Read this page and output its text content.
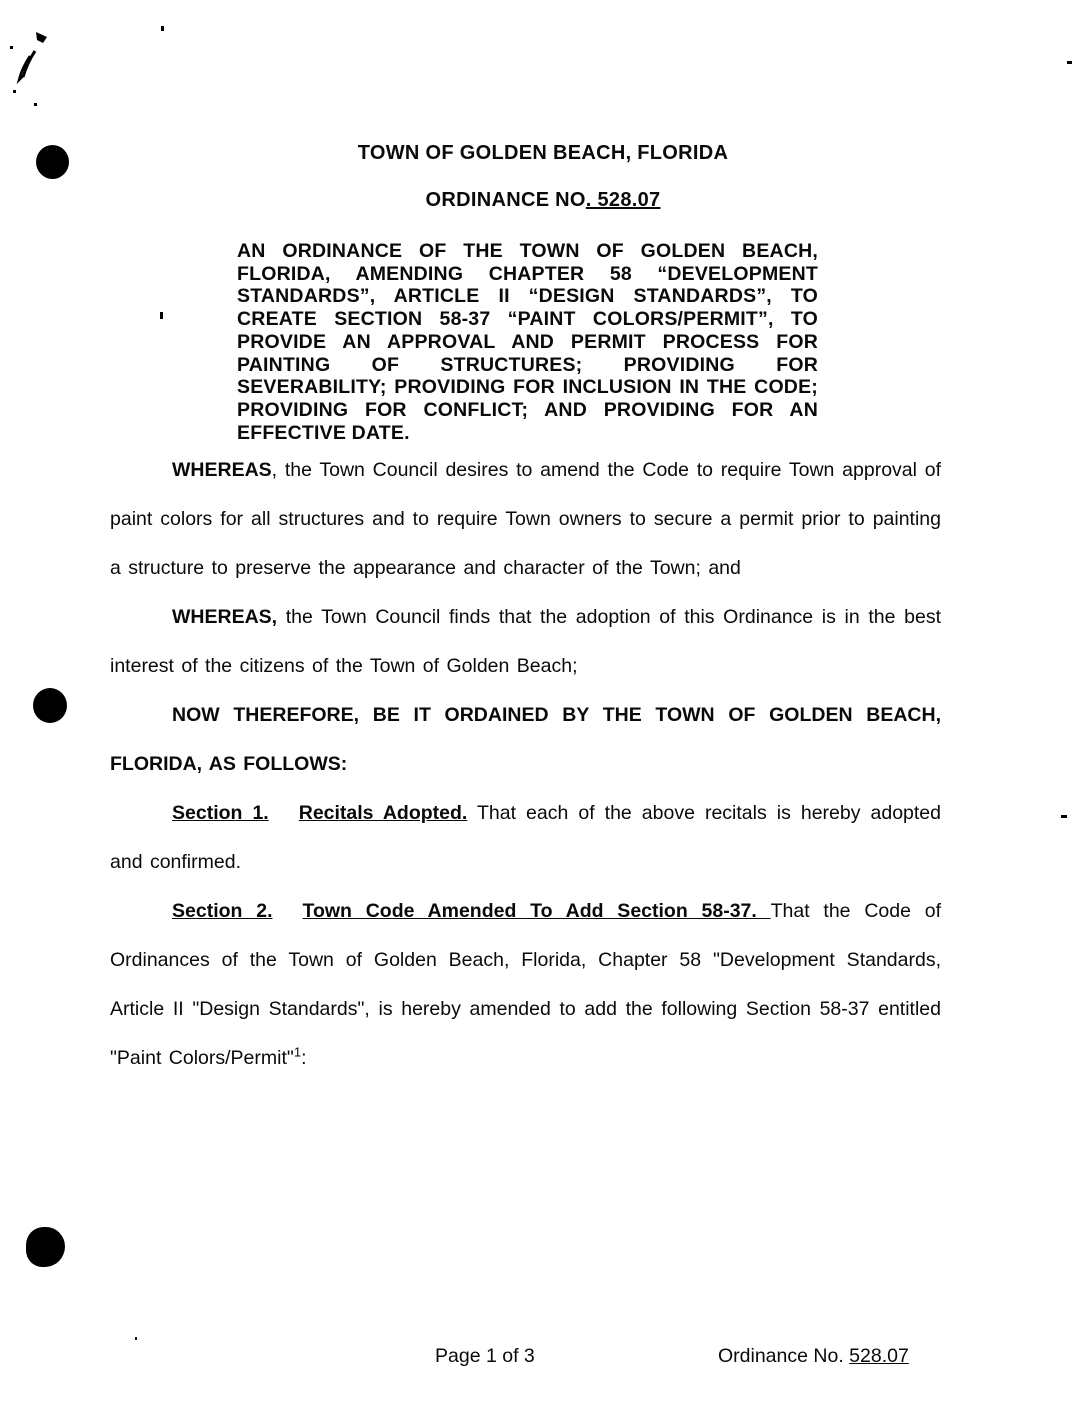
TOWN OF GOLDEN BEACH, FLORIDA
ORDINANCE NO. 528.07
AN ORDINANCE OF THE TOWN OF GOLDEN BEACH, FLORIDA, AMENDING CHAPTER 58 “DEVELOPMENT STANDARDS”, ARTICLE II “DESIGN STANDARDS”, TO CREATE SECTION 58-37 “PAINT COLORS/PERMIT”, TO PROVIDE AN APPROVAL AND PERMIT PROCESS FOR PAINTING OF STRUCTURES; PROVIDING FOR SEVERABILITY; PROVIDING FOR INCLUSION IN THE CODE; PROVIDING FOR CONFLICT; AND PROVIDING FOR AN EFFECTIVE DATE.

WHEREAS, the Town Council desires to amend the Code to require Town approval of paint colors for all structures and to require Town owners to secure a permit prior to painting a structure to preserve the appearance and character of the Town; and

WHEREAS, the Town Council finds that the adoption of this Ordinance is in the best interest of the citizens of the Town of Golden Beach;

NOW THEREFORE, BE IT ORDAINED BY THE TOWN OF GOLDEN BEACH, FLORIDA, AS FOLLOWS:

Section 1. Recitals Adopted. That each of the above recitals is hereby adopted and confirmed.

Section 2. Town Code Amended To Add Section 58-37. That the Code of Ordinances of the Town of Golden Beach, Florida, Chapter 58 "Development Standards, Article II "Design Standards", is hereby amended to add the following Section 58-37 entitled "Paint Colors/Permit"$^1$:

Page 1 of 3	Ordinance No. 528.07
